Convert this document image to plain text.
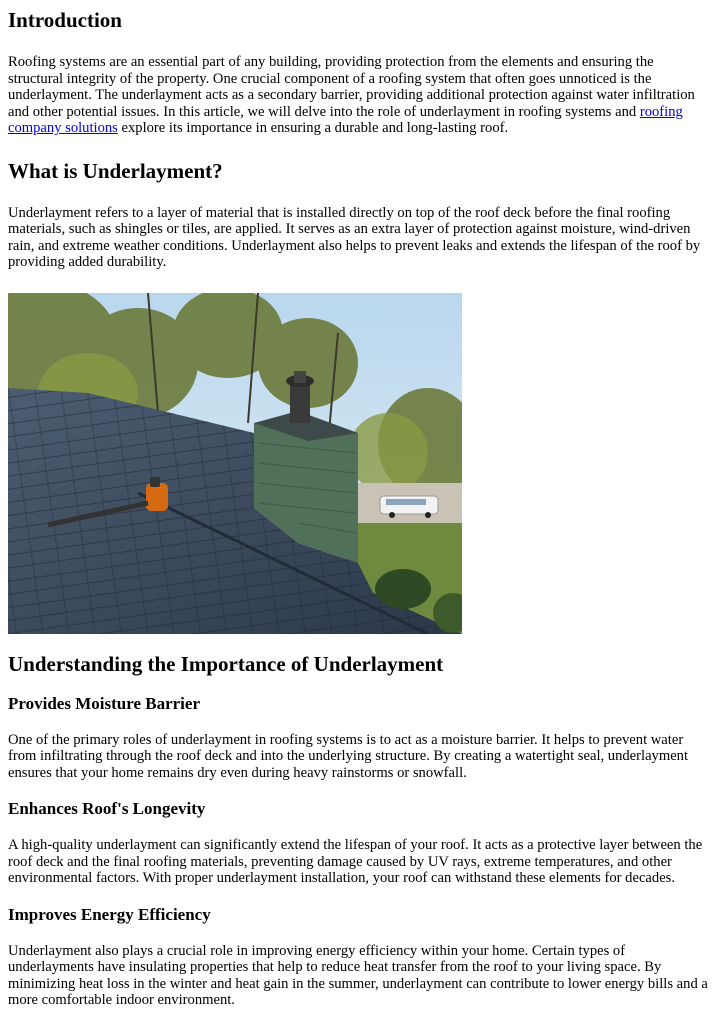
Introduction

Roofing systems are an essential part of any building, providing protection from the elements and ensuring the structural integrity of the property. One crucial component of a roofing system that often goes unnoticed is the underlayment. The underlayment acts as a secondary barrier, providing additional protection against water infiltration and other potential issues. In this article, we will delve into the role of underlayment in roofing systems and roofing company solutions explore its importance in ensuring a durable and long-lasting roof.

What is Underlayment?

Underlayment refers to a layer of material that is installed directly on top of the roof deck before the final roofing materials, such as shingles or tiles, are applied. It serves as an extra layer of protection against moisture, wind-driven rain, and extreme weather conditions. Underlayment also helps to prevent leaks and extends the lifespan of the roof by providing added durability.

Understanding the Importance of Underlayment
Provides Moisture Barrier

One of the primary roles of underlayment in roofing systems is to act as a moisture barrier. It helps to prevent water from infiltrating through the roof deck and into the underlying structure. By creating a watertight seal, underlayment ensures that your home remains dry even during heavy rainstorms or snowfall.

Enhances Roof's Longevity

A high-quality underlayment can significantly extend the lifespan of your roof. It acts as a protective layer between the roof deck and the final roofing materials, preventing damage caused by UV rays, extreme temperatures, and other environmental factors. With proper underlayment installation, your roof can withstand these elements for decades.

Improves Energy Efficiency

Underlayment also plays a crucial role in improving energy efficiency within your home. Certain types of underlayments have insulating properties that help to reduce heat transfer from the roof to your living space. By minimizing heat loss in the winter and heat gain in the summer, underlayment can contribute to lower energy bills and a more comfortable indoor environment.
